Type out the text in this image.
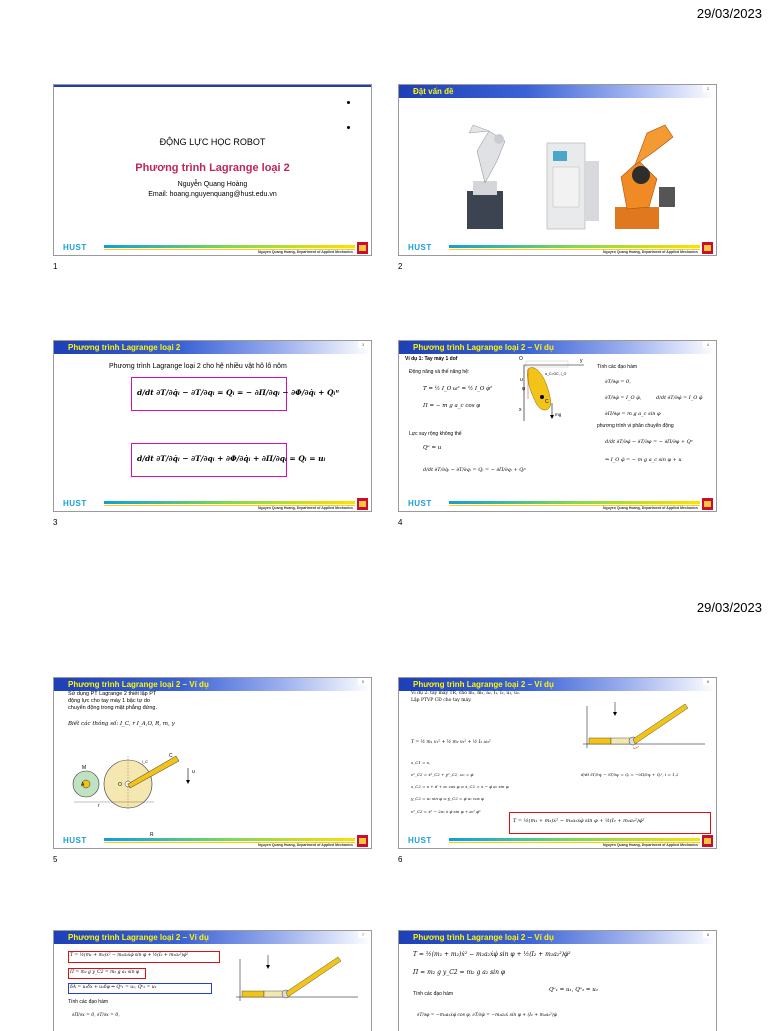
29/03/2023
29/03/2023
ĐỘNG LỰC HỌC ROBOT
Phương trình Lagrange loại 2
Nguyễn Quang Hoàng
Email: hoang.nguyenquang@hust.edu.vn
HUST	Nguyen Quang Hoang, Department of Applied Mechanics
1
Đặt vấn đề	2
HUST	Nguyen Quang Hoang, Department of Applied Mechanics
2
Phương trình Lagrange loại 2	3
Phương trình Lagrange loại 2 cho hệ nhiều vật hô lô nôm
d/dt ∂T/∂q̇ᵢ − ∂T/∂qᵢ = Qᵢ = − ∂Π/∂qᵢ − ∂Φ/∂q̇ᵢ + Qᵢᵘ
d/dt ∂T/∂q̇ᵢ − ∂T/∂qᵢ + ∂Φ/∂q̇ᵢ + ∂Π/∂qᵢ = Qᵢ = uᵢ
HUST	Nguyen Quang Hoang, Department of Applied Mechanics
3
Phương trình Lagrange loại 2 – Ví dụ	4
Ví dụ 1: Tay máy 1 dof
Động năng và thế năng hệ:
T = ½ I_O ω² = ½ I_O φ̇²
Π = − m g a_c cos φ
Lực suy rộng không thế
Qᵘ = u
d/dt ∂T/∂q̇ᵢ − ∂T/∂qᵢ = Qᵢ = − ∂Π/∂qᵢ + Qᵢᵘ
O	y
x
u
φ
C
mg
a_C=OC, I_O
Tính các đạo hàm
∂T/∂φ = 0,
∂T/∂φ̇ = I_O φ̇,	d/dt ∂T/∂φ̇ = I_O φ̈
∂Π/∂φ = m g a_c sin φ
phương trình vi phân chuyển động
d/dt ∂T/∂φ̇ − ∂T/∂φ = − ∂Π/∂φ + Qᵘ
⇒ I_O φ̈ = − m g a_c sin φ + u
HUST	Nguyen Quang Hoang, Department of Applied Mechanics
4
Phương trình Lagrange loại 2 – Ví dụ	5
Sử dụng PT Lagrange 2 thiết lập PT
động lực cho tay máy 1 bậc tự do
chuyển động trong mặt phẳng đứng.
Biết các thông số: I_C, r I_A,O, R, m, γ
M
A	O
C
R
r
u
l_C
HUST	Nguyen Quang Hoang, Department of Applied Mechanics
5
Phương trình Lagrange loại 2 – Ví dụ	6
Ví dụ 2: tay máy TR, cho m₁, m₂, a₂, I₁, I₂, u₁, u₂.
Lập PTVP CĐ cho tay máy.
T = ½ m₁ v₁² + ½ m₂ v₂² + ½ I₂ ω₂²
x_C1 = x,
v²_C2 = ẋ²_C2 + ẏ²_C2, ω₂ = φ̇
x_C2 = x + d + a₂ cos φ ⇒ ẋ_C2 = ẋ − φ̇ a₂ sin φ
y_C2 = a₂ sin φ ⇒ ẏ_C2 = φ̇ a₂ cos φ
v²_C2 = ẋ² − 2a₂ ẋ φ̇ sin φ + a₂² φ̇²
d/dt ∂T/∂q̇ᵢ − ∂T/∂qᵢ = Qᵢ = −∂Π/∂qᵢ + Qᵢᵘ, i = 1,2
T = ½(m₁ + m₂)ẋ² − m₂a₂ẋφ̇ sin φ + ½(I₂ + m₂a₂²)φ̇²
HUST	Nguyen Quang Hoang, Department of Applied Mechanics
6
Phương trình Lagrange loại 2 – Ví dụ	7
T = ½(m₁ + m₂)ẋ² − m₂a₂ẋφ̇ sin φ + ½(I₂ + m₂a₂²)φ̇²
Π = m₂ g y_C2 = m₂ g a₂ sin φ
δA = u₁δx + u₂δφ ⇒ Qᵘ₁ = u₁, Qᵘ₂ = u₂
Tính các đạo hàm
∂Π/∂x = 0, ∂T/∂x = 0,
Phương trình Lagrange loại 2 – Ví dụ	8
T = ½(m₁ + m₂)ẋ² − m₂a₂ẋφ̇ sin φ + ½(I₂ + m₂a₂²)φ̇²
Π = m₂ g y_C2 = m₂ g a₂ sin φ
Tính các đạo hàm
Qᵘ₁ = u₁, Qᵘ₂ = u₂
∂T/∂φ = −m₂a₂ẋφ̇ cos φ, ∂T/∂φ̇ = −m₂a₂ẋ sin φ + (I₂ + m₂a₂²)φ̇
